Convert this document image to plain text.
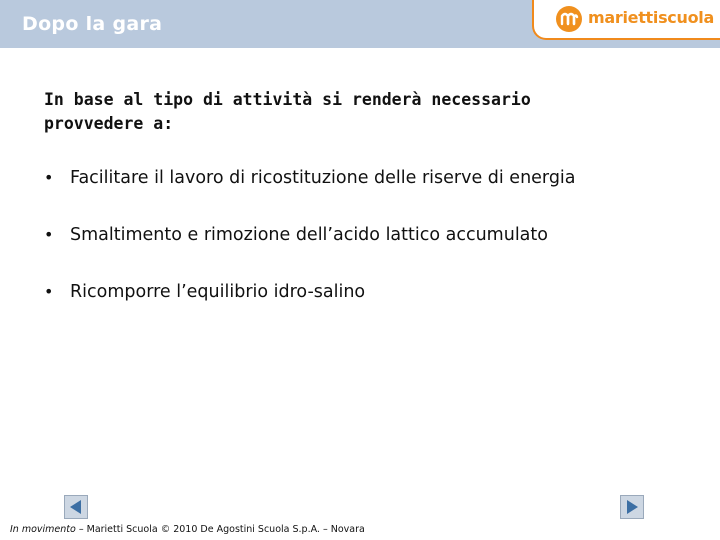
Dopo la gara	mariettiscuola
In base al tipo di attività si renderà necessario
provvedere a:
• Facilitare il lavoro di ricostituzione delle riserve di energia
• Smaltimento e rimozione dell’acido lattico accumulato
• Ricomporre l’equilibrio idro-salino
In movimento – Marietti Scuola © 2010 De Agostini Scuola S.p.A. – Novara
